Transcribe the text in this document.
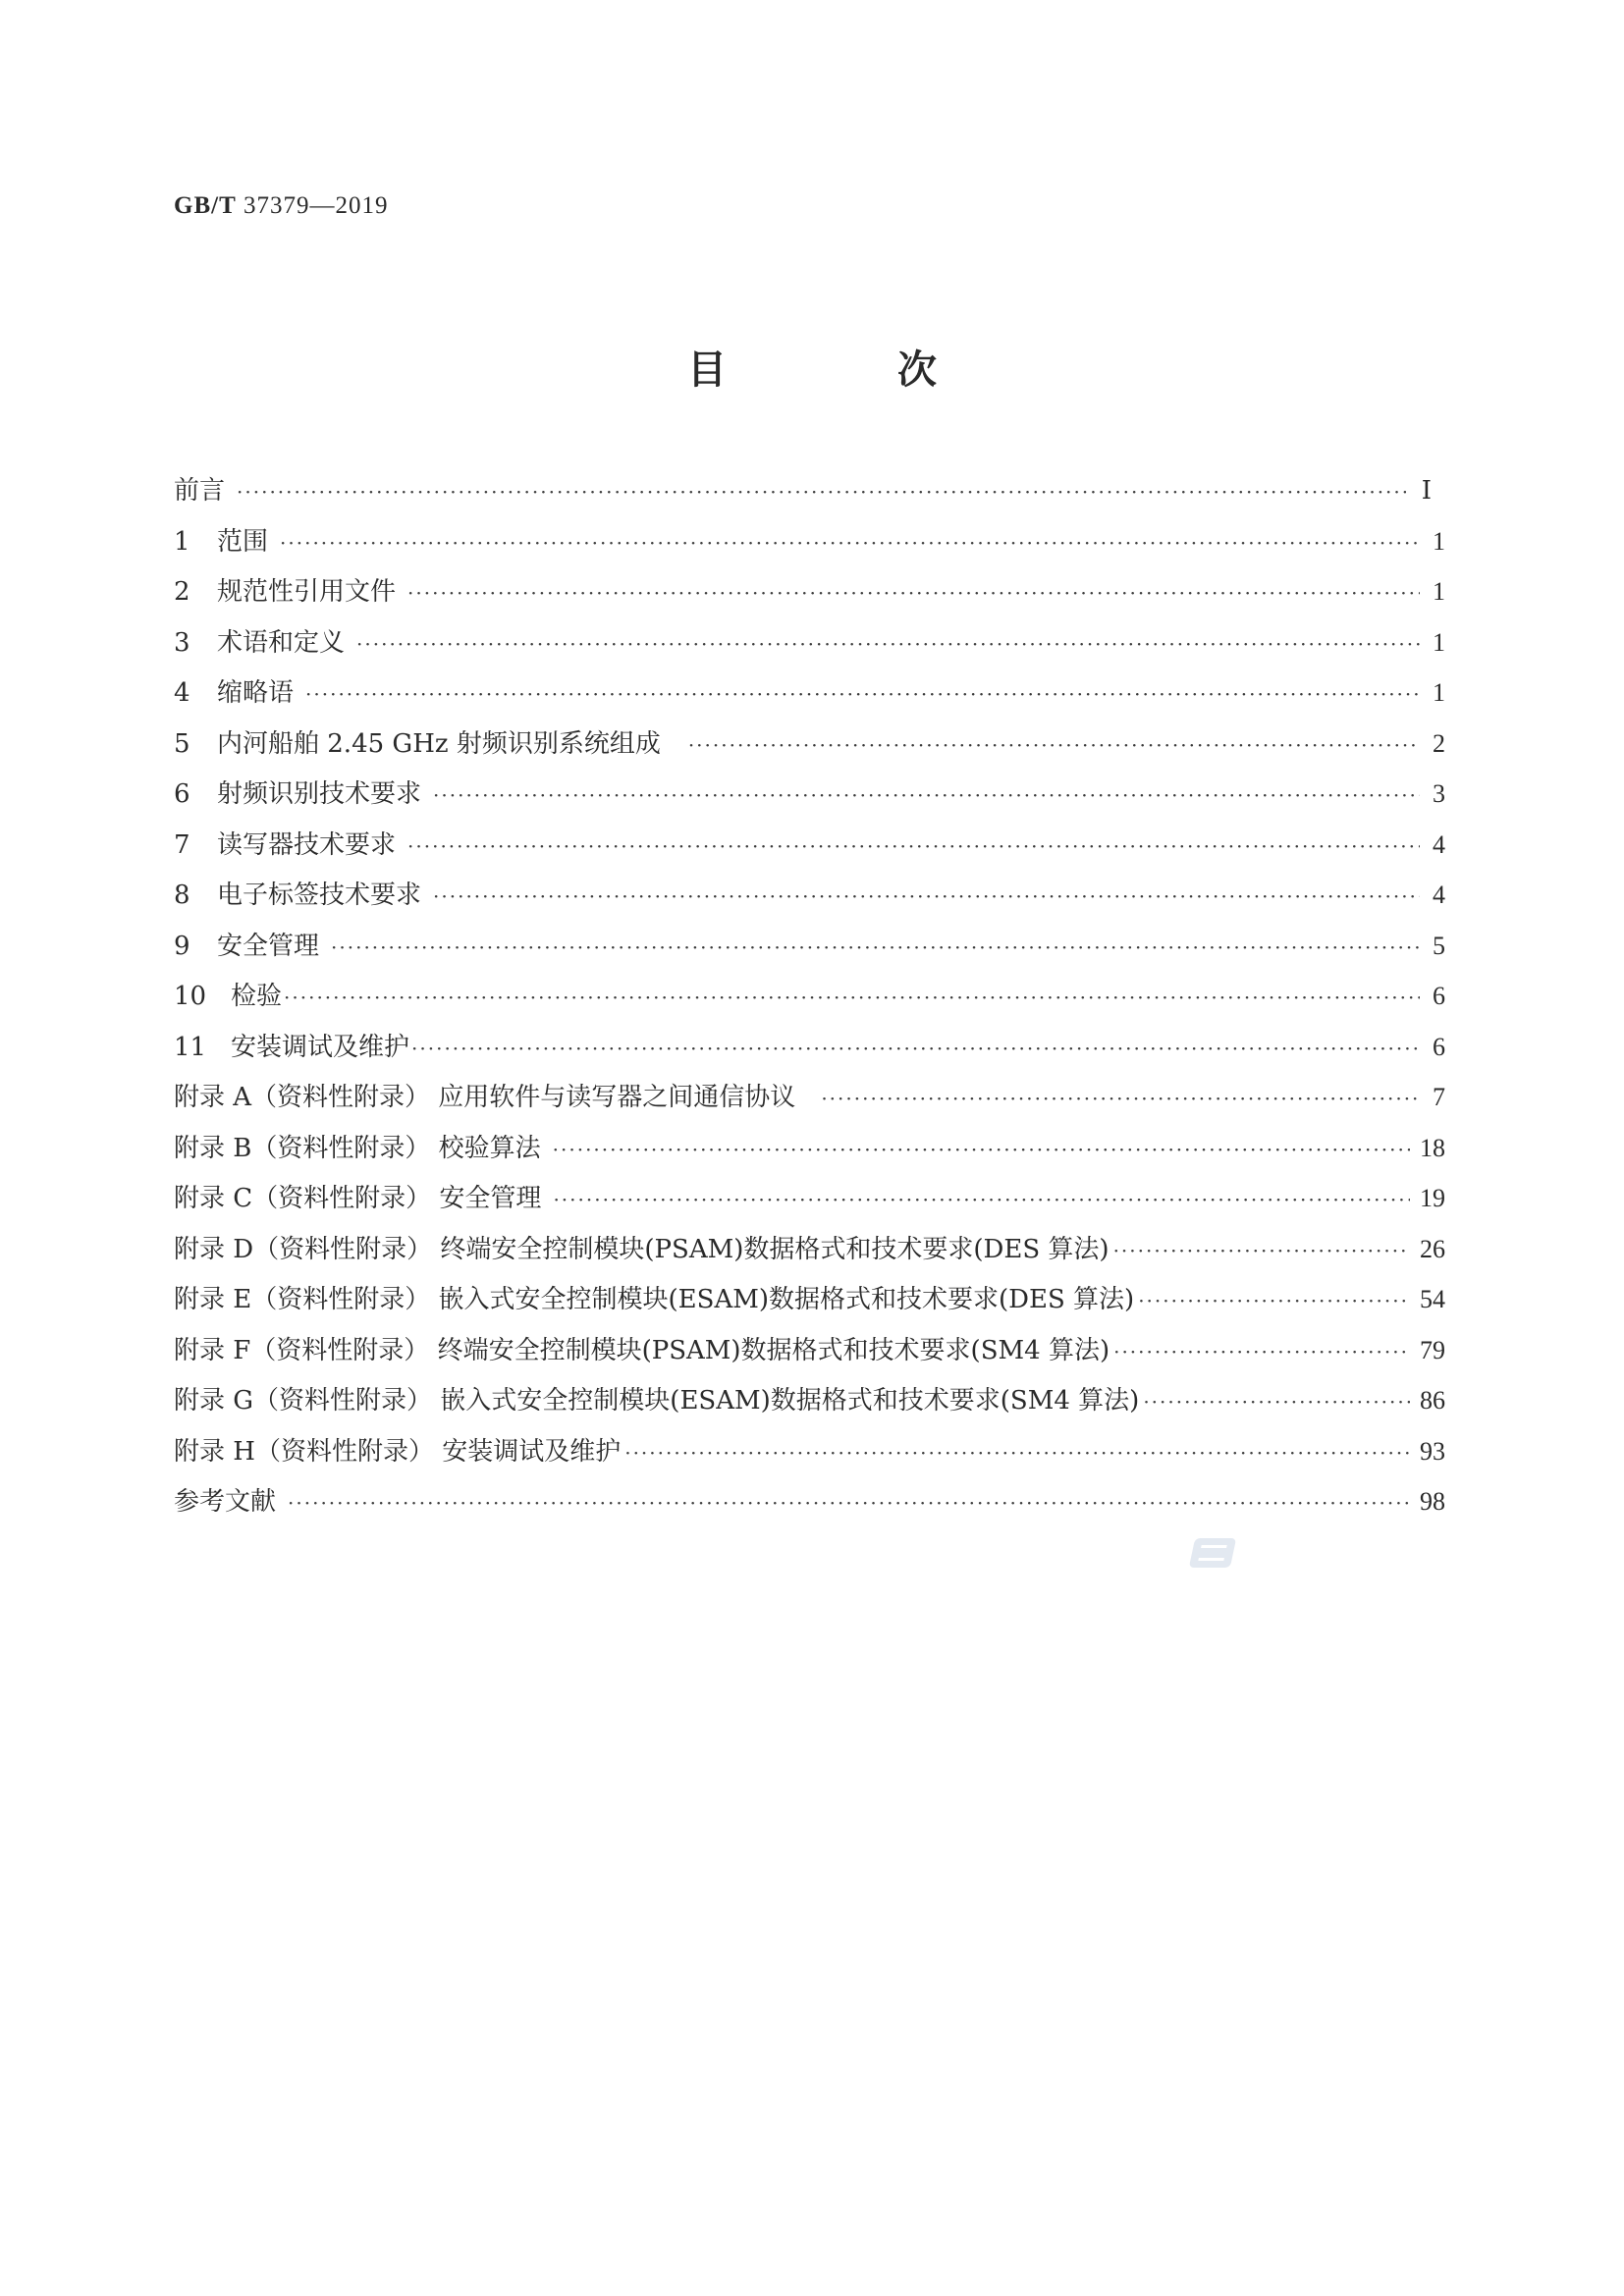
GB/T 37379—2019
目 次
前言 ·····	Ⅰ
1	范围 ·····	1
2	规范性引用文件 ·····	1
3	术语和定义 ·····	1
4	缩略语 ·····	1
5	内河船舶 2.45 GHz 射频识别系统组成 ·····	2
6	射频识别技术要求 ·····	3
7	读写器技术要求 ·····	4
8	电子标签技术要求 ·····	4
9	安全管理 ·····	5
10 检验 ·····	6
11 安装调试及维护 ·····	6
附录 A（资料性附录） 应用软件与读写器之间通信协议 ·····	7
附录 B（资料性附录） 校验算法 ·····	18
附录 C（资料性附录） 安全管理 ·····	19
附录 D（资料性附录） 终端安全控制模块(PSAM)数据格式和技术要求(DES 算法) ·····	26
附录 E（资料性附录） 嵌入式安全控制模块(ESAM)数据格式和技术要求(DES 算法) ·····	54
附录 F（资料性附录） 终端安全控制模块(PSAM)数据格式和技术要求(SM4 算法) ·····	79
附录 G（资料性附录） 嵌入式安全控制模块(ESAM)数据格式和技术要求(SM4 算法) ·····	86
附录 H（资料性附录） 安装调试及维护 ·····	93
参考文献 ·····	98
